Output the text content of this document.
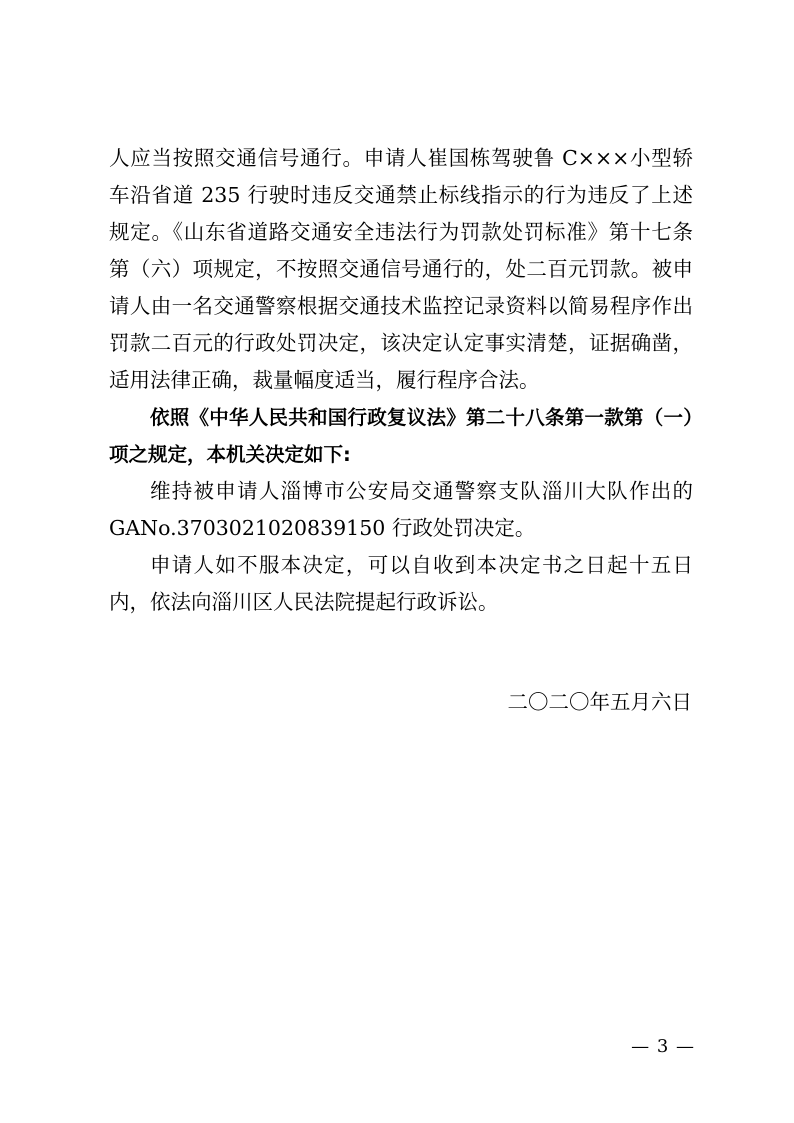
人应当按照交通信号通行。申请人崔国栋驾驶鲁 C×××小型轿车沿省道 235 行驶时违反交通禁止标线指示的行为违反了上述规定。《山东省道路交通安全违法行为罚款处罚标准》第十七条第（六）项规定，不按照交通信号通行的，处二百元罚款。被申请人由一名交通警察根据交通技术监控记录资料以简易程序作出罚款二百元的行政处罚决定，该决定认定事实清楚，证据确凿，适用法律正确，裁量幅度适当，履行程序合法。

依照《中华人民共和国行政复议法》第二十八条第一款第（一）项之规定，本机关决定如下:

维持被申请人淄博市公安局交通警察支队淄川大队作出的GANo.3703021020839150 行政处罚决定。

申请人如不服本决定，可以自收到本决定书之日起十五日内，依法向淄川区人民法院提起行政诉讼。

二〇二〇年五月六日
— 3 —
